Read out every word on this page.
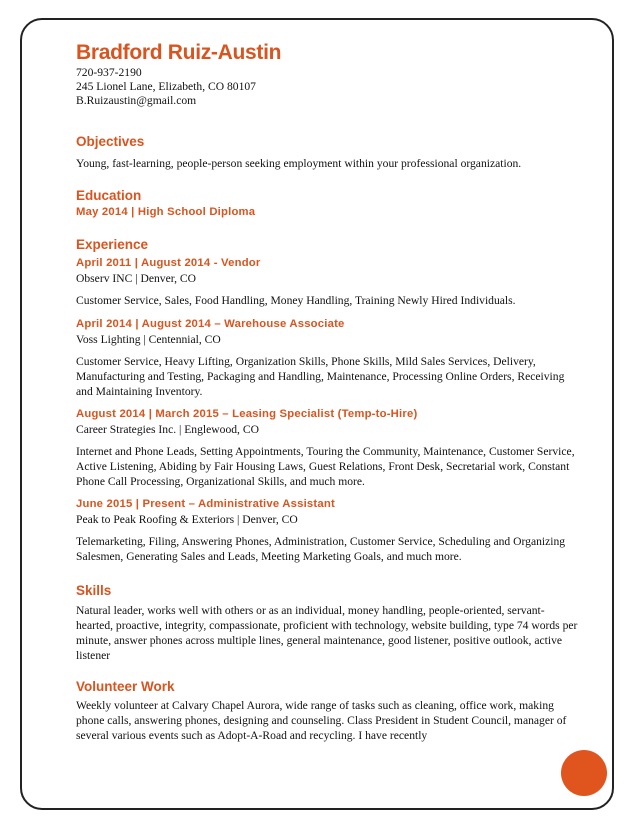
Bradford Ruiz-Austin

720-937-2190

245 Lionel Lane, Elizabeth, CO 80107

B.Ruizaustin@gmail.com

Objectives

Young, fast-learning, people-person seeking employment within your professional organization.

Education

May 2014 | High School Diploma

Experience

April 2011 | August 2014 - Vendor

Observ INC | Denver, CO

Customer Service, Sales, Food Handling, Money Handling, Training Newly Hired Individuals.

April 2014 | August 2014 – Warehouse Associate

Voss Lighting | Centennial, CO

Customer Service, Heavy Lifting, Organization Skills, Phone Skills, Mild Sales Services, Delivery, Manufacturing and Testing, Packaging and Handling, Maintenance, Processing Online Orders, Receiving and Maintaining Inventory.

August 2014 | March 2015 – Leasing Specialist (Temp-to-Hire)

Career Strategies Inc. | Englewood, CO

Internet and Phone Leads, Setting Appointments, Touring the Community, Maintenance, Customer Service, Active Listening, Abiding by Fair Housing Laws, Guest Relations, Front Desk, Secretarial work, Constant Phone Call Processing, Organizational Skills, and much more.

June 2015 | Present – Administrative Assistant

Peak to Peak Roofing & Exteriors | Denver, CO

Telemarketing, Filing, Answering Phones, Administration, Customer Service, Scheduling and Organizing Salesmen, Generating Sales and Leads, Meeting Marketing Goals, and much more.

Skills

Natural leader, works well with others or as an individual, money handling, people-oriented, servant-hearted, proactive, integrity, compassionate, proficient with technology, website building, type 74 words per minute, answer phones across multiple lines, general maintenance, good listener, positive outlook, active listener

Volunteer Work

Weekly volunteer at Calvary Chapel Aurora, wide range of tasks such as cleaning, office work, making phone calls, answering phones, designing and counseling. Class President in Student Council, manager of several various events such as Adopt-A-Road and recycling. I have recently
